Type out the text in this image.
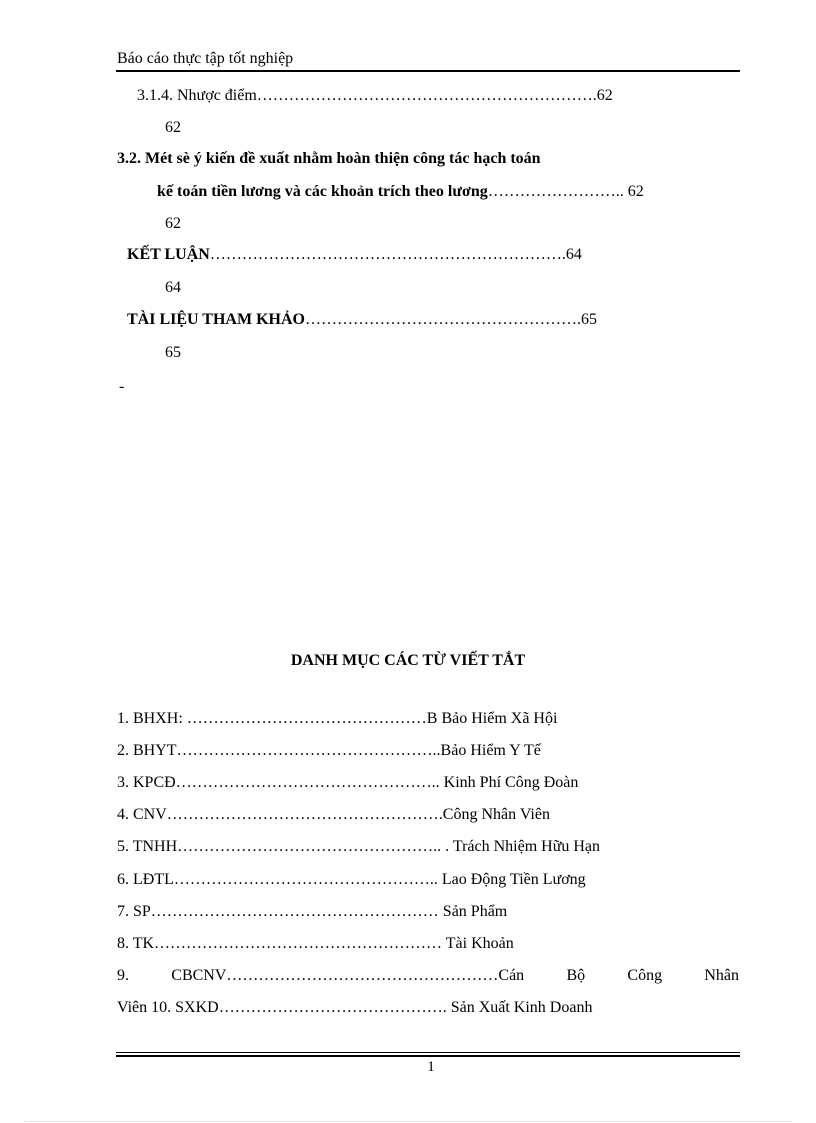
Báo cáo thực tập tốt nghiệp
3.1.4. Nhược điểm……………………………………………………….62
62
3.2. Mét sè ý kiến đề xuất nhằm hoàn thiện công tác hạch toán
kế toán tiền lương và các khoản trích theo lương…………………….. 62
62
KẾT LUẬN………………………………………………………….64
64
TÀI LIỆU THAM KHẢO…………………………………………….65
65
-
DANH MỤC CÁC TỪ VIẾT TẮT
1. BHXH: ………………………………………B Bảo Hiểm Xã Hội
2. BHYT…………………………………………..Bảo Hiểm Y Tế
3. KPCĐ………………………………………….. Kinh Phí Công Đoàn
4. CNV…………………………………………….Công Nhân Viên
5. TNHH………………………………………….. . Trách Nhiệm Hữu Hạn
6. LĐTL………………………………………….. Lao Động Tiền Lương
7. SP……………………………………………… Sản Phẩm
8. TK……………………………………………… Tài Khoản
9. CBCNV……………………………………………Cán Bộ Công Nhân
Viên 10. SXKD……………………………………. Sản Xuất Kinh Doanh
1
